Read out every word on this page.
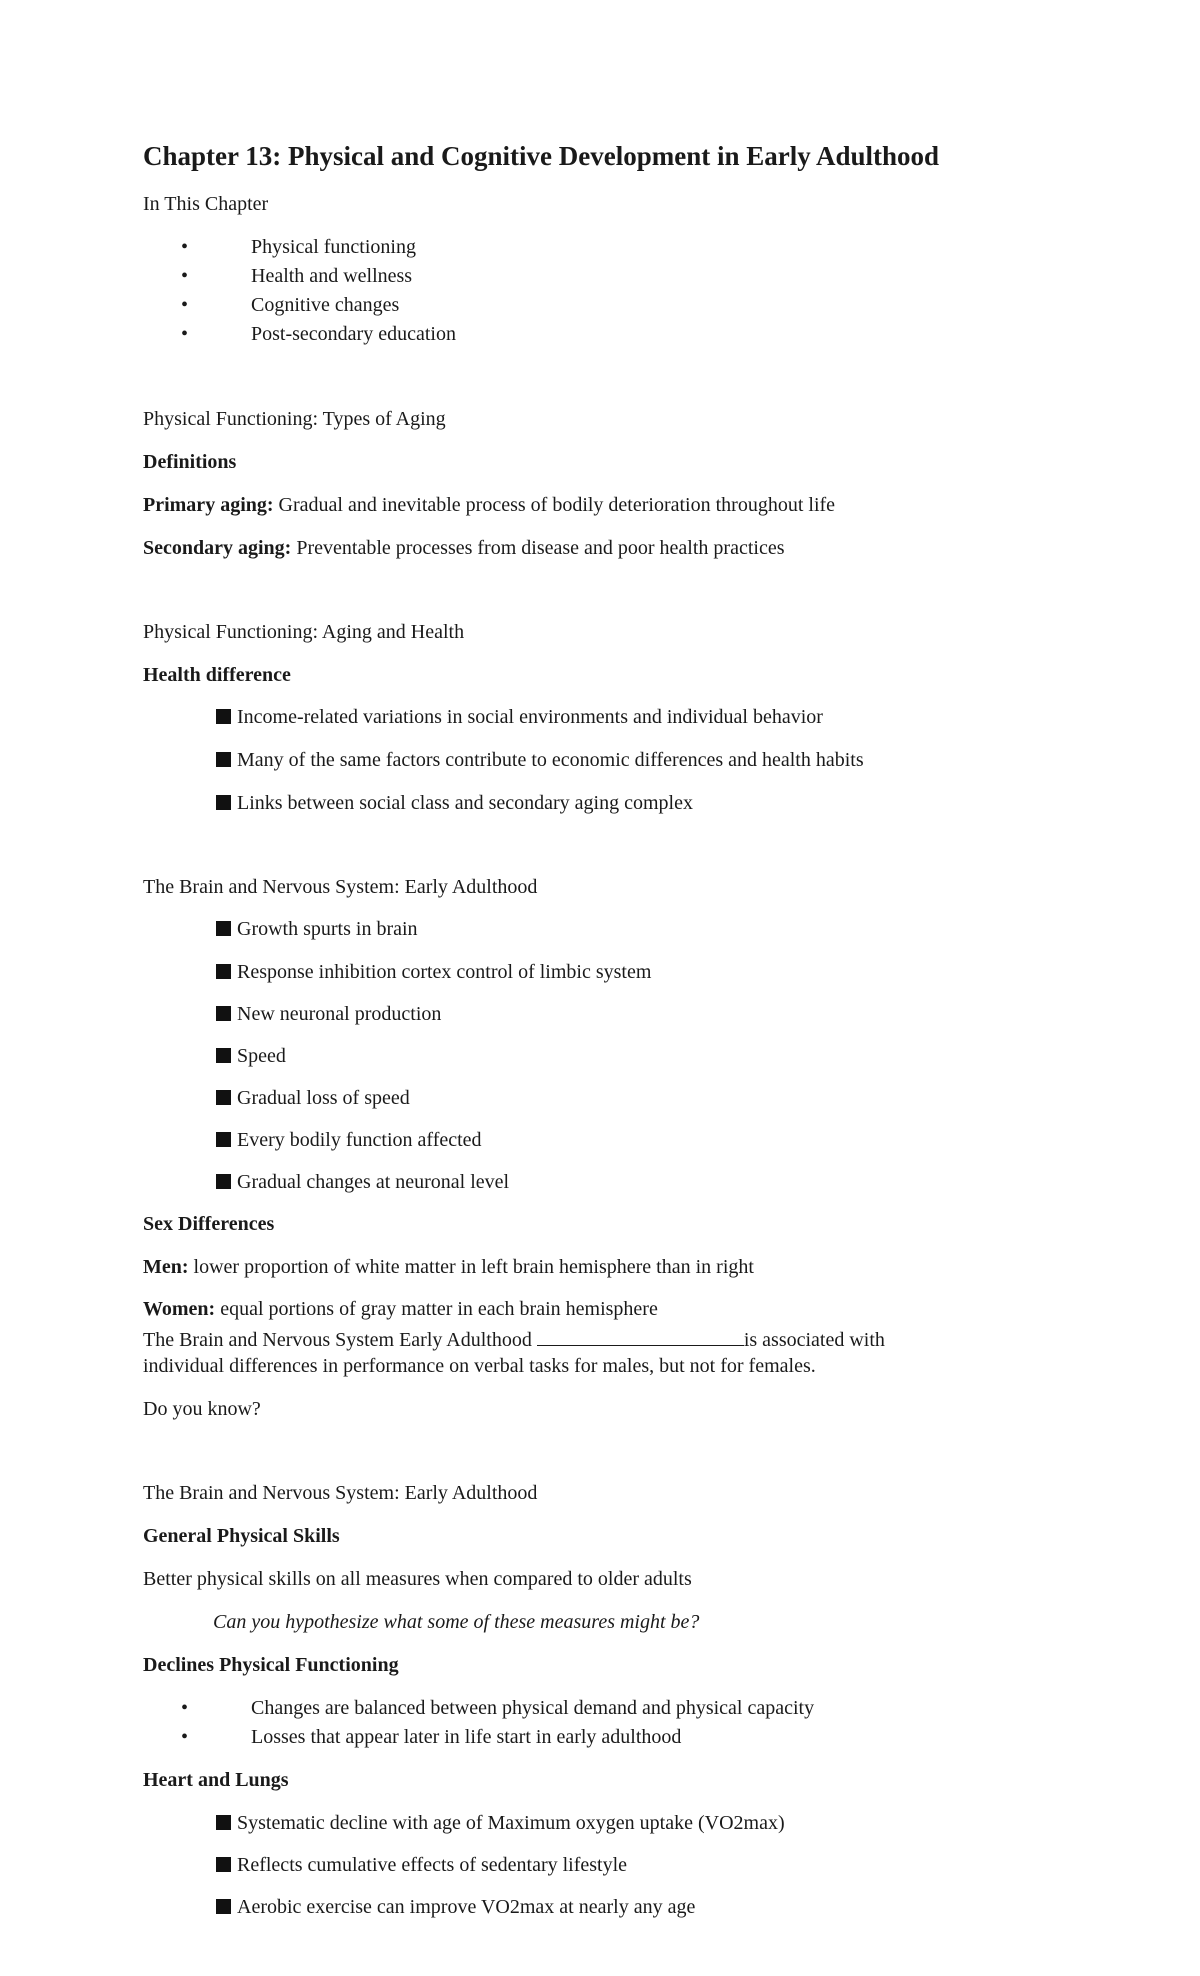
Chapter 13: Physical and Cognitive Development in Early Adulthood
In This Chapter
•	Physical functioning
•	Health and wellness
•	Cognitive changes
•	Post-secondary education
Physical Functioning: Types of Aging
Definitions
Primary aging: Gradual and inevitable process of bodily deterioration throughout life
Secondary aging: Preventable processes from disease and poor health practices
Physical Functioning: Aging and Health
Health difference
Income-related variations in social environments and individual behavior
Many of the same factors contribute to economic differences and health habits
Links between social class and secondary aging complex
The Brain and Nervous System: Early Adulthood
Growth spurts in brain
Response inhibition cortex control of limbic system
New neuronal production
Speed
Gradual loss of speed
Every bodily function affected
Gradual changes at neuronal level
Sex Differences
Men: lower proportion of white matter in left brain hemisphere than in right
Women: equal portions of gray matter in each brain hemisphere
The Brain and Nervous System Early Adulthood	is associated with
individual differences in performance on verbal tasks for males, but not for females.
Do you know?
The Brain and Nervous System: Early Adulthood
General Physical Skills
Better physical skills on all measures when compared to older adults
Can you hypothesize what some of these measures might be?
Declines Physical Functioning
•	Changes are balanced between physical demand and physical capacity
•	Losses that appear later in life start in early adulthood
Heart and Lungs
Systematic decline with age of Maximum oxygen uptake (VO2max)
Reflects cumulative effects of sedentary lifestyle
Aerobic exercise can improve VO2max at nearly any age
